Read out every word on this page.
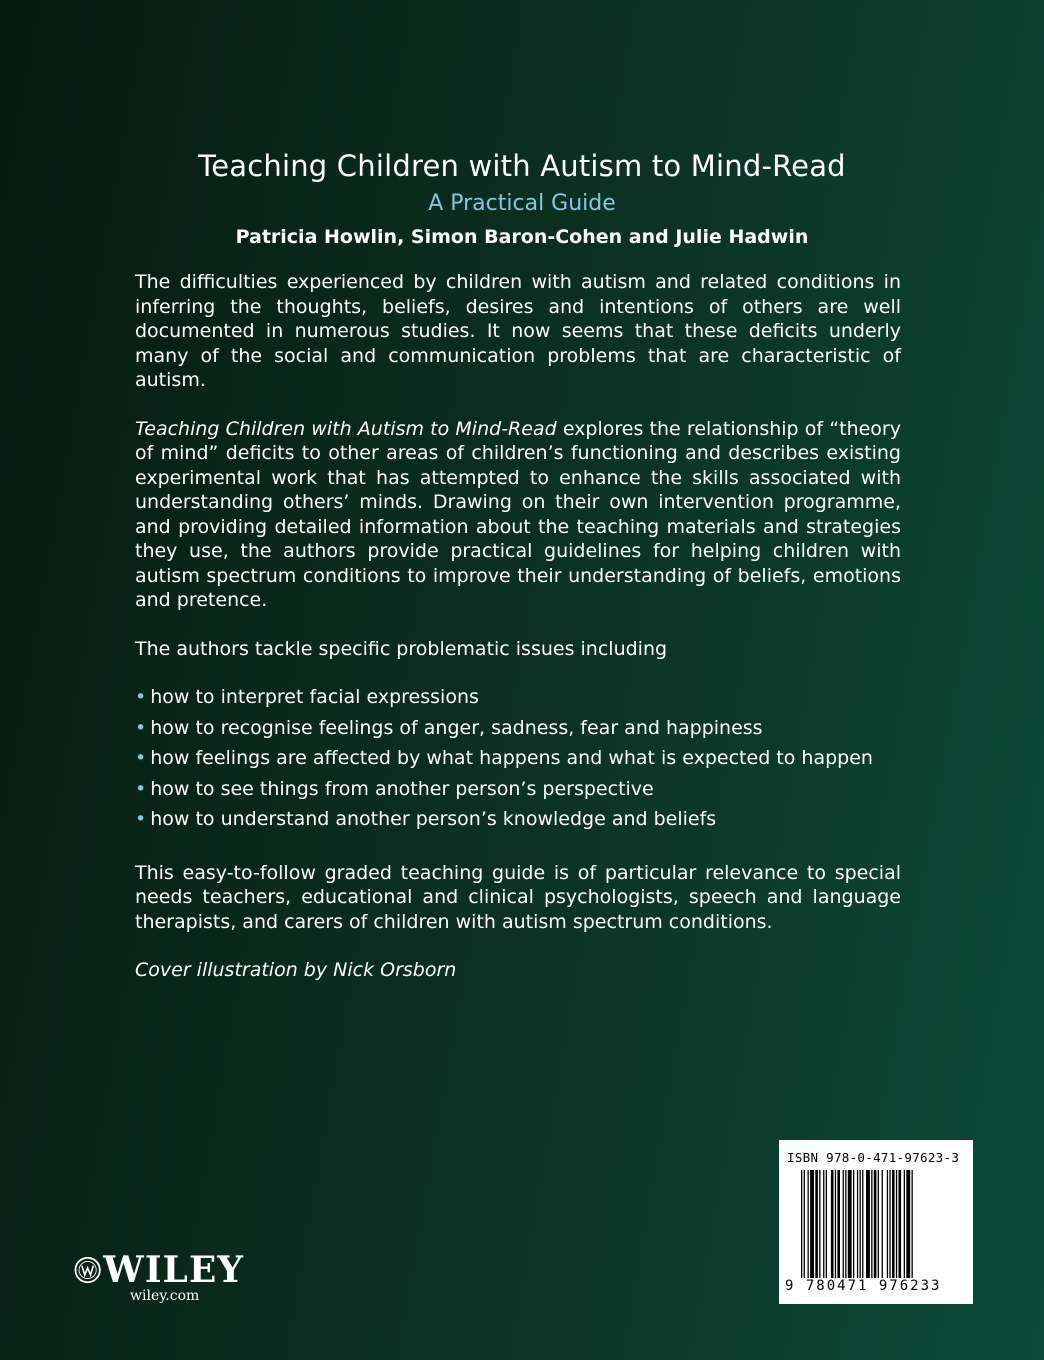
Teaching Children with Autism to Mind-Read

A Practical Guide

Patricia Howlin, Simon Baron-Cohen and Julie Hadwin

The difficulties experienced by children with autism and related conditions in inferring the thoughts, beliefs, desires and intentions of others are well documented in numerous studies. It now seems that these deficits underly many of the social and communication problems that are characteristic of autism.

Teaching Children with Autism to Mind-Read explores the relationship of “theory of mind” deficits to other areas of children’s functioning and describes existing experimental work that has attempted to enhance the skills associated with understanding others’ minds. Drawing on their own intervention programme, and providing detailed information about the teaching materials and strategies they use, the authors provide practical guidelines for helping children with autism spectrum conditions to improve their understanding of beliefs, emotions and pretence.

The authors tackle specific problematic issues including

• how to interpret facial expressions
• how to recognise feelings of anger, sadness, fear and happiness
• how feelings are affected by what happens and what is expected to happen
• how to see things from another person’s perspective
• how to understand another person’s knowledge and beliefs

This easy-to-follow graded teaching guide is of particular relevance to special needs teachers, educational and clinical psychologists, speech and language therapists, and carers of children with autism spectrum conditions.

Cover illustration by Nick Orsborn

WILEY
wiley.com
ISBN 978-0-471-97623-3
9 780471 976233
